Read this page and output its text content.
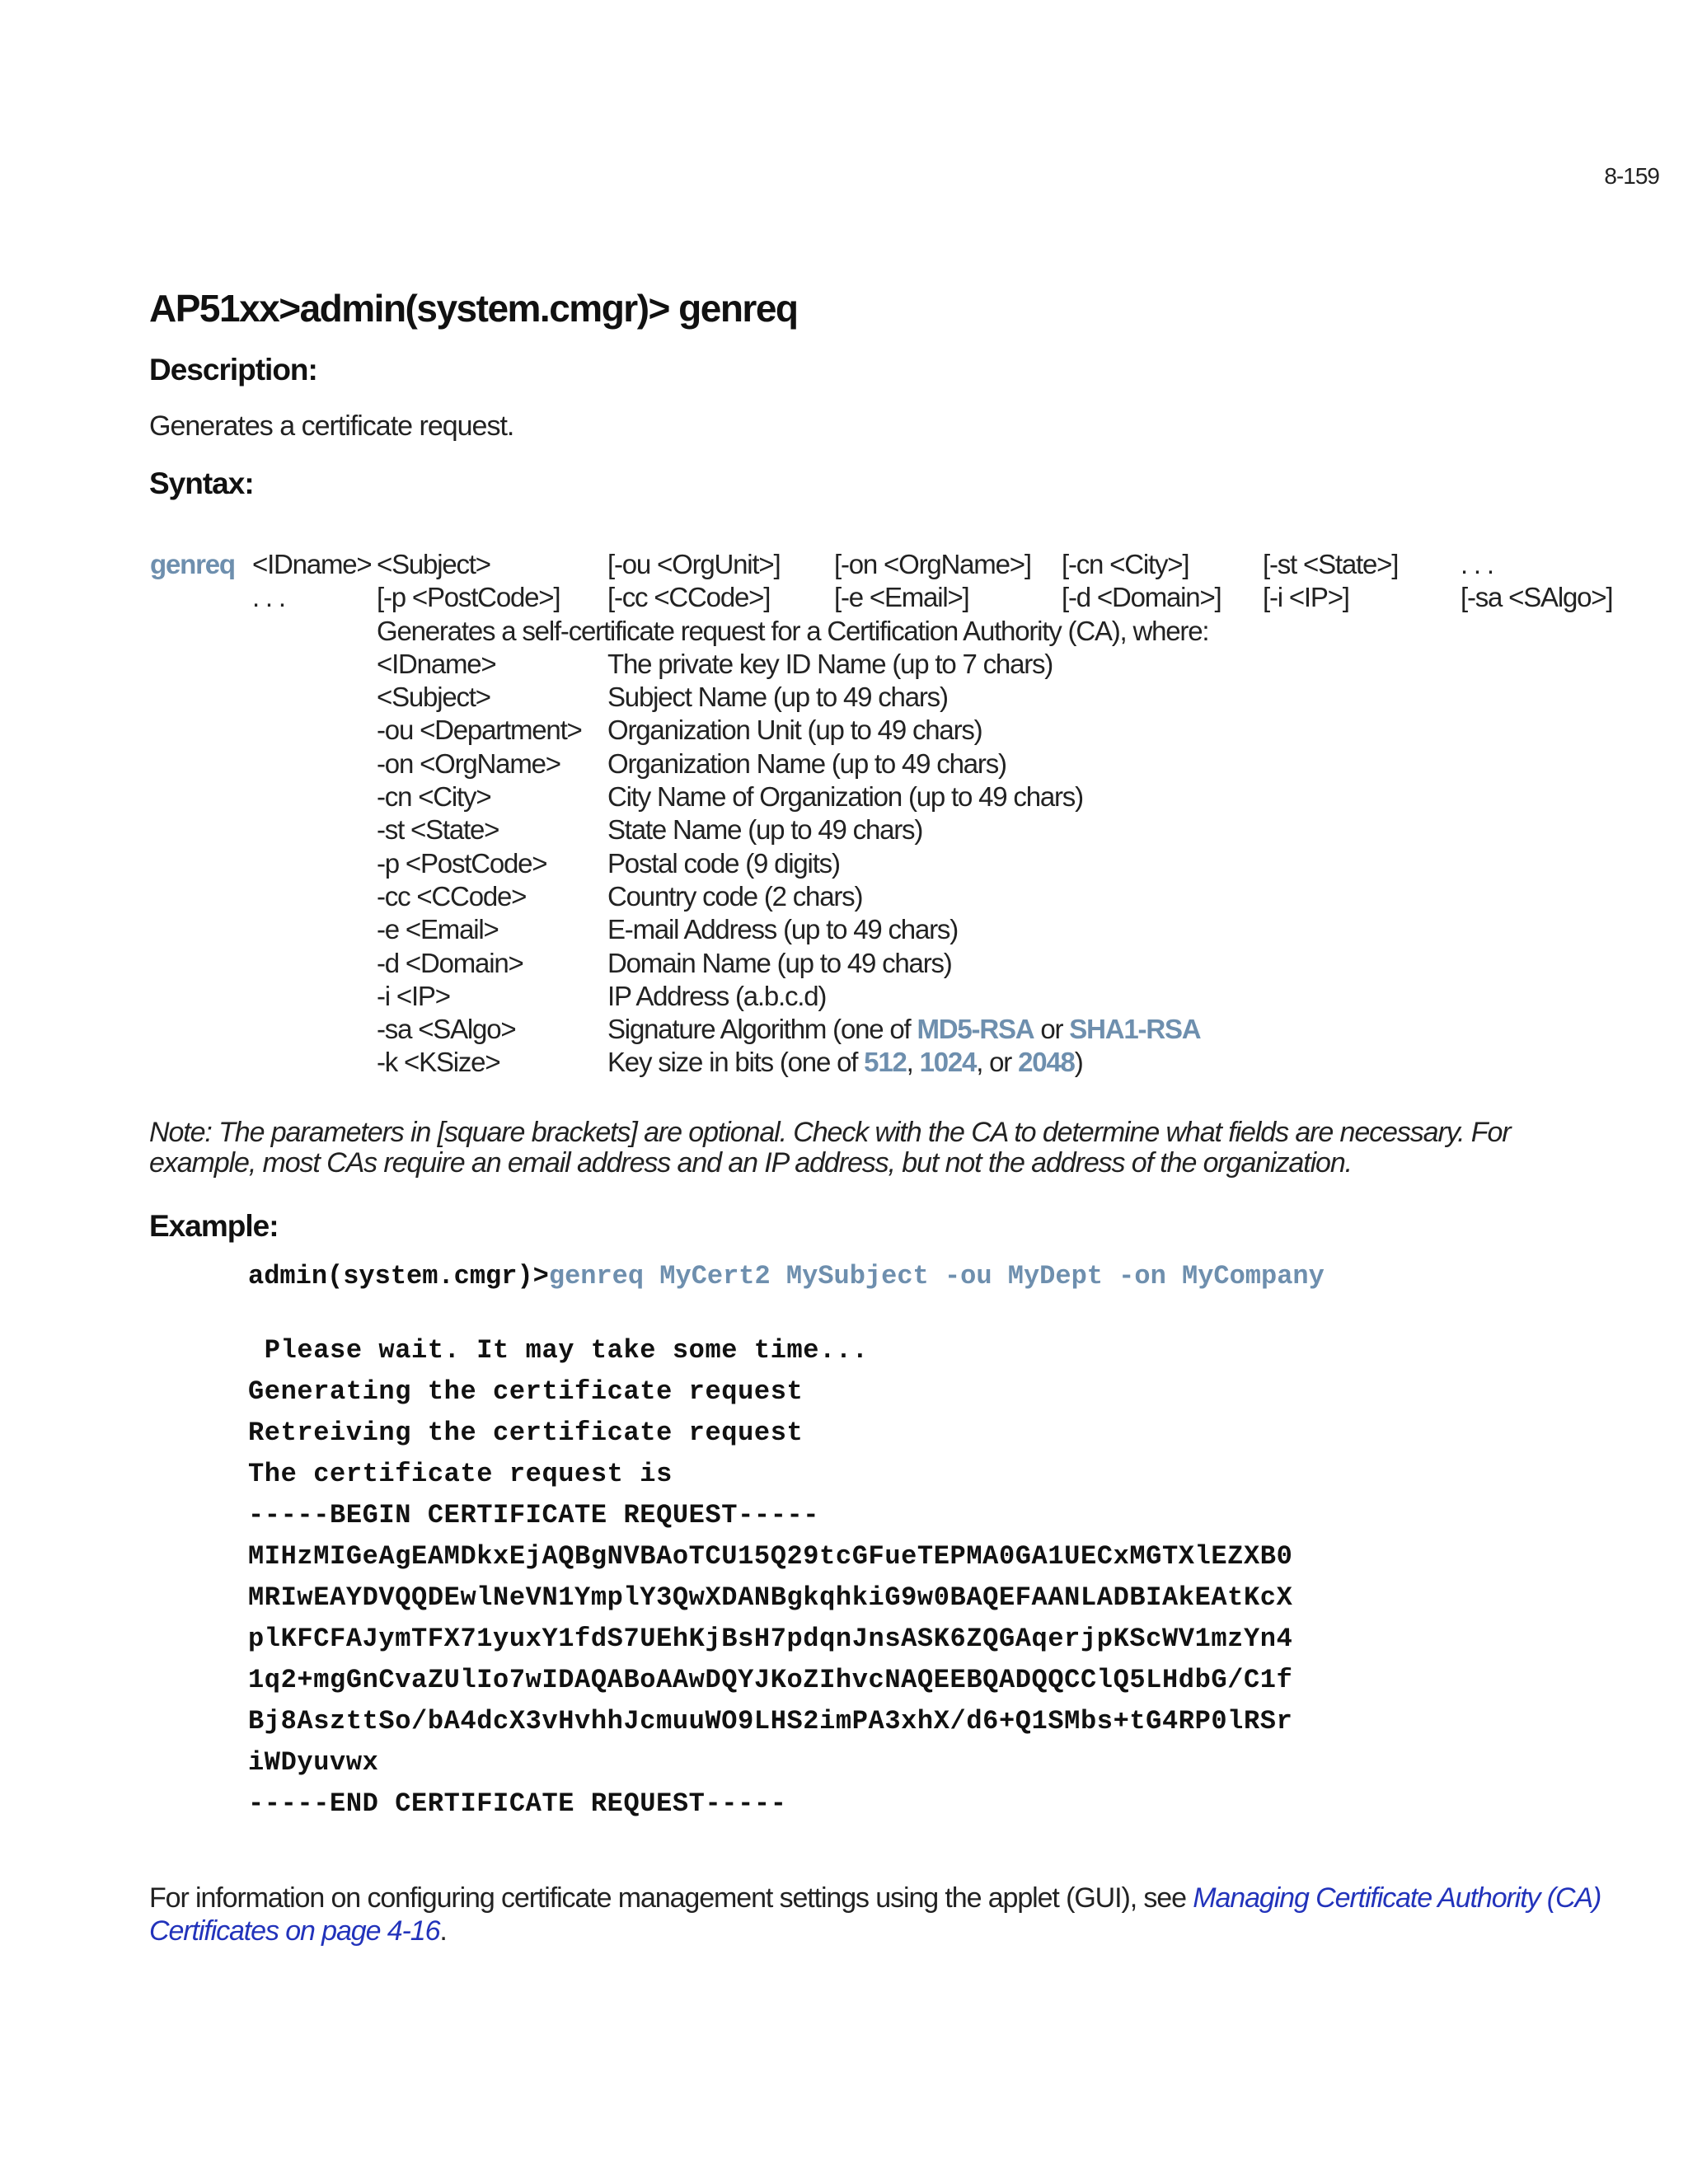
8-159
AP51xx>admin(system.cmgr)> genreq
Description:
Generates a certificate request.
Syntax:
genreq <IDname> <Subject>	[-ou <OrgUnit>] [-on <OrgName>] [-cn <City>]	[-st <State>] . . .
. . .	[-p <PostCode>] [-cc <CCode>] [-e <Email>]	[-d <Domain>] [-i <IP>]	[-sa <SAlgo>]
Generates a self-certificate request for a Certification Authority (CA), where:
<IDname>	The private key ID Name (up to 7 chars)
<Subject>	Subject Name (up to 49 chars)
-ou <Department> Organization Unit (up to 49 chars)
-on <OrgName> Organization Name (up to 49 chars)
-cn <City>	City Name of Organization (up to 49 chars)
-st <State>	State Name (up to 49 chars)
-p <PostCode> Postal code (9 digits)
-cc <CCode>	Country code (2 chars)
-e <Email>	E-mail Address (up to 49 chars)
-d <Domain>	Domain Name (up to 49 chars)
-i <IP>	IP Address (a.b.c.d)
-sa <SAlgo>	Signature Algorithm (one of MD5-RSA or SHA1-RSA
-k <KSize>	Key size in bits (one of 512, 1024, or 2048)
Note: The parameters in [square brackets] are optional. Check with the CA to determine what fields are necessary. For example, most CAs require an email address and an IP address, but not the address of the organization.
Example:
admin(system.cmgr)>genreq MyCert2 MySubject -ou MyDept -on MyCompany
Please wait. It may take some time...
Generating the certificate request
Retreiving the certificate request
The certificate request is
-----BEGIN CERTIFICATE REQUEST-----
MIHzMIGeAgEAMDkxEjAQBgNVBAoTCU15Q29tcGFueTEPMA0GA1UECxMGTXlEZXB0
MRIwEAYDVQQDEwlNeVN1YmplY3QwXDANBgkqhkiG9w0BAQEFAANLADBIAkEAtKcX
plKFCFAJymTFX71yuxY1fdS7UEhKjBsH7pdqnJnsASK6ZQGAqerjpKScWV1mzYn4
1q2+mgGnCvaZUlIo7wIDAQABoAAwDQYJKoZIhvcNAQEEBQADQQCClQ5LHdbG/C1f
Bj8AszttSo/bA4dcX3vHvhhJcmuuWO9LHS2imPA3xhX/d6+Q1SMbs+tG4RP0lRSr
iWDyuvwx
-----END CERTIFICATE REQUEST-----
For information on configuring certificate management settings using the applet (GUI), see Managing Certificate Authority (CA) Certificates on page 4-16.
